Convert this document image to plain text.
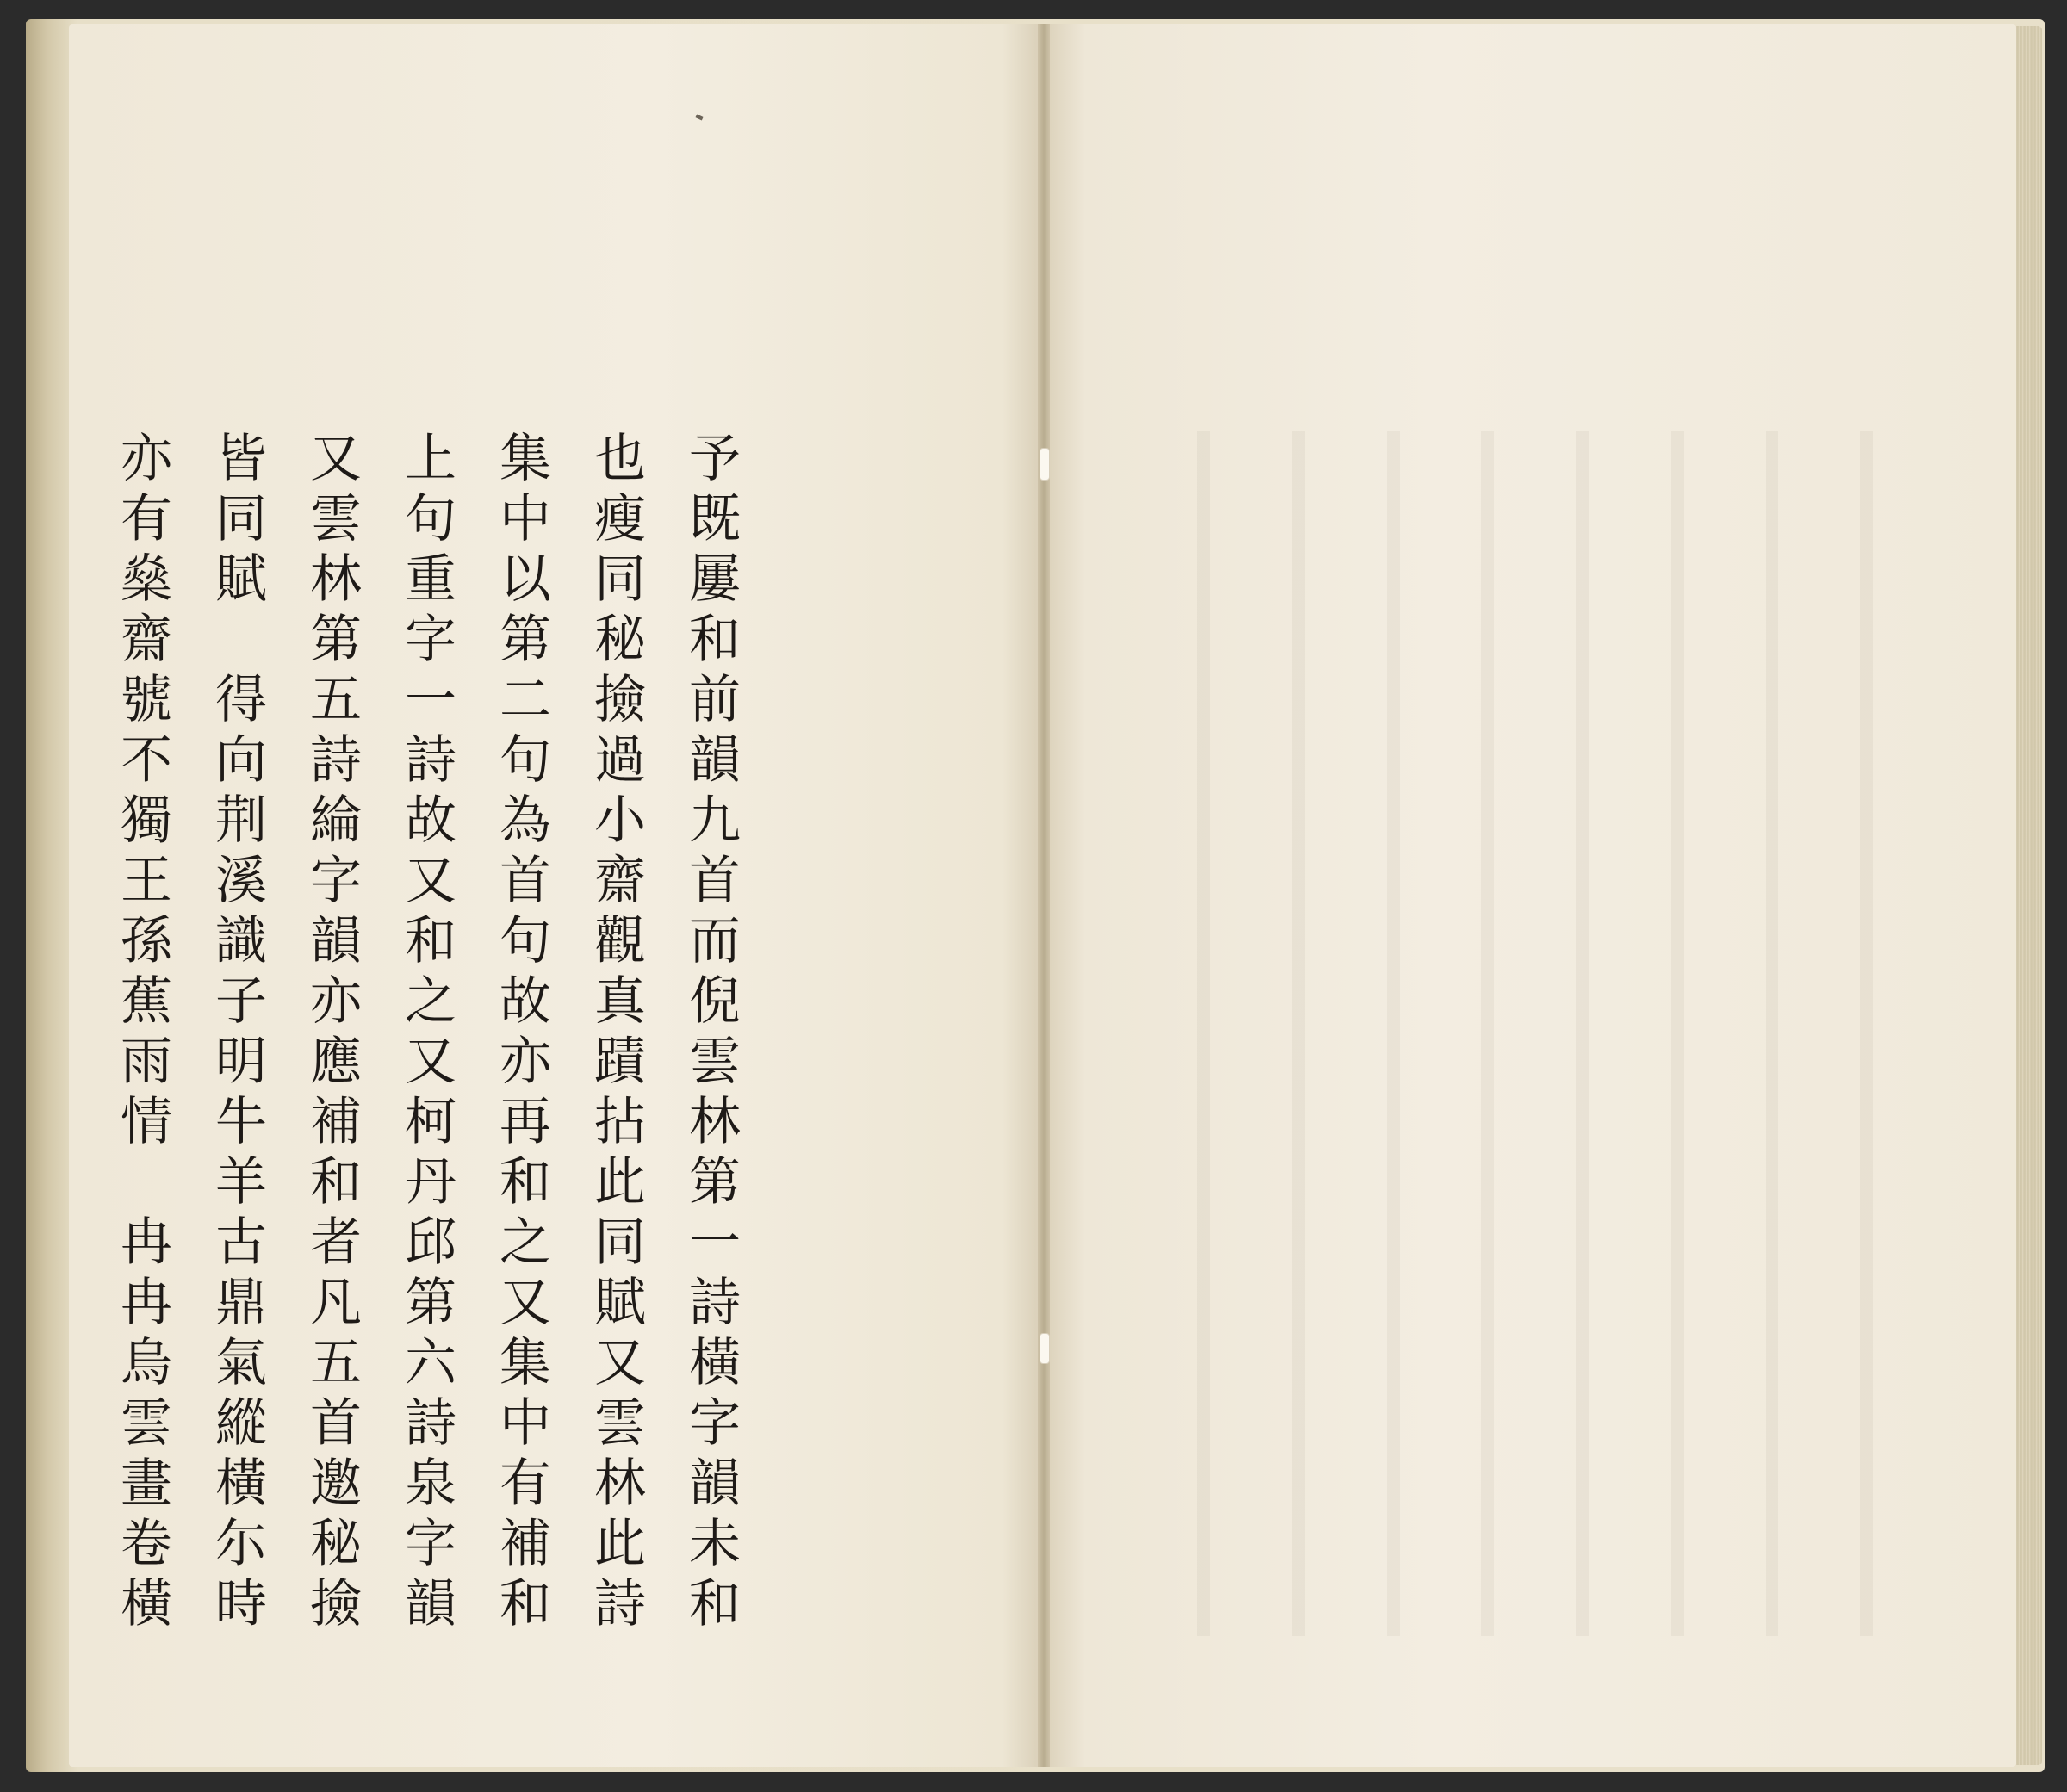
予既屢和前韻九首而倪雲林第一詩橫字韻未和
也瘦同秘撿過小齋觀真蹟拈此同賦又雲林此詩
集中以第二句為首句故亦再和之又集中有補和
上句重字一詩故又和之又柯丹邱第六詩泉字韻
又雲林第五詩綸字韻亦應補和者凡五首邀秘撿
皆同賦　得向荆溪識子明牛羊古鼎氣縱橫尓時
亦有燊齋號不獨王孫蕉雨情　冉冉烏雲畫卷橫
